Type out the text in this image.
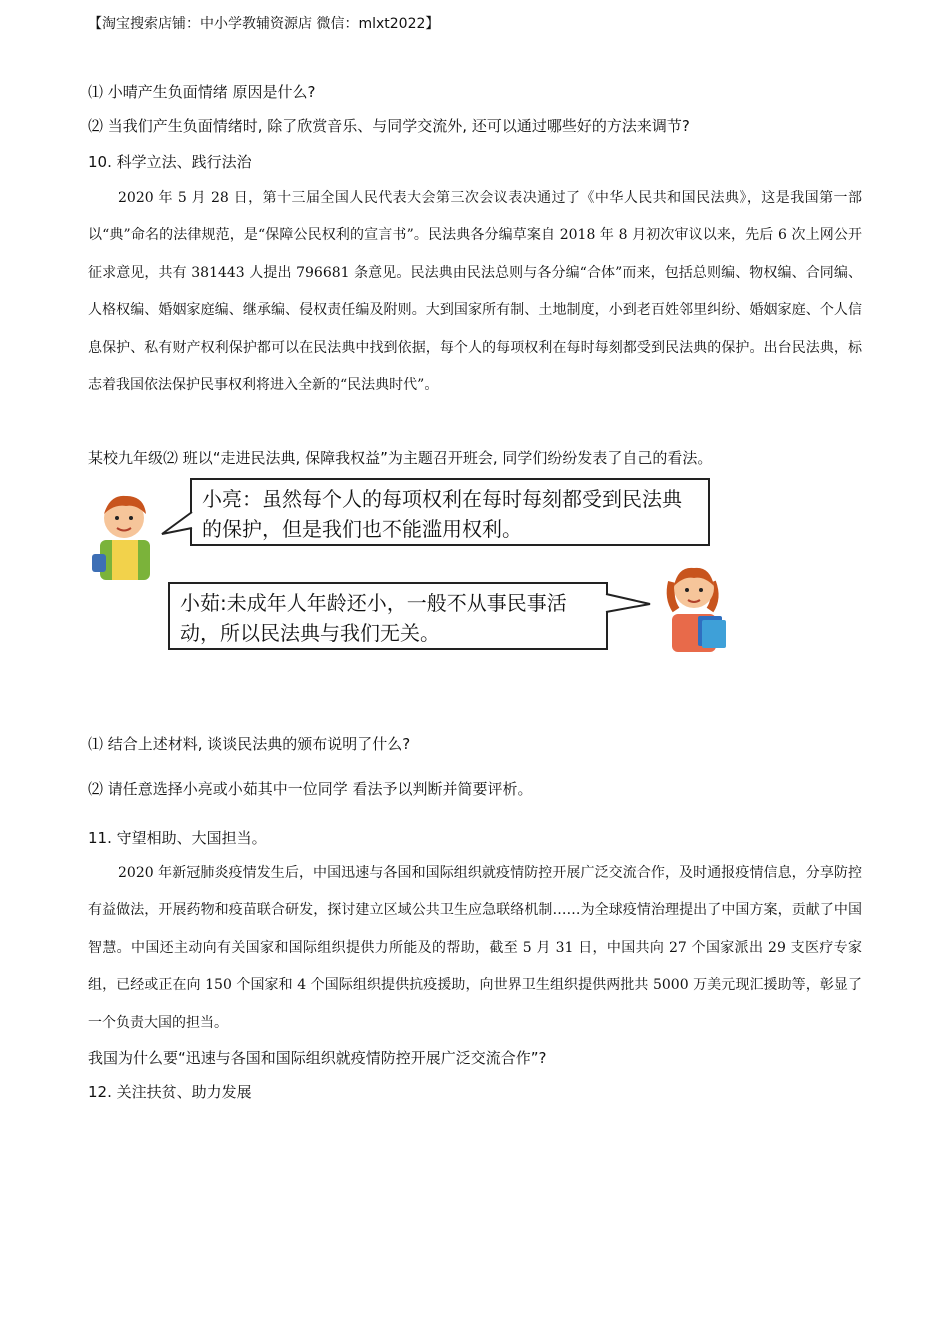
【淘宝搜索店铺：中小学教辅资源店 微信：mlxt2022】
⑴ 小晴产生负面情绪 原因是什么?
⑵ 当我们产生负面情绪时, 除了欣赏音乐、与同学交流外, 还可以通过哪些好的方法来调节?
10. 科学立法、践行法治
2020 年 5 月 28 日，第十三届全国人民代表大会第三次会议表决通过了《中华人民共和国民法典》，这是我国第一部以“典”命名的法律规范，是“保障公民权利的宣言书”。民法典各分编草案自 2018 年 8 月初次审议以来，先后 6 次上网公开征求意见，共有 381443 人提出 796681 条意见。民法典由民法总则与各分编“合体”而来，包括总则编、物权编、合同编、人格权编、婚姻家庭编、继承编、侵权责任编及附则。大到国家所有制、土地制度，小到老百姓邻里纠纷、婚姻家庭、个人信息保护、私有财产权利保护都可以在民法典中找到依据，每个人的每项权利在每时每刻都受到民法典的保护。出台民法典，标志着我国依法保护民事权利将进入全新的“民法典时代”。
某校九年级⑵ 班以“走进民法典, 保障我权益”为主题召开班会, 同学们纷纷发表了自己的看法。
小亮：虽然每个人的每项权利在每时每刻都受到民法典的保护，但是我们也不能滥用权利。
小茹:未成年人年龄还小，一般不从事民事活动，所以民法典与我们无关。
⑴ 结合上述材料, 谈谈民法典的颁布说明了什么?
⑵ 请任意选择小亮或小茹其中一位同学 看法予以判断并简要评析。
11. 守望相助、大国担当。
2020 年新冠肺炎疫情发生后，中国迅速与各国和国际组织就疫情防控开展广泛交流合作，及时通报疫情信息，分享防控有益做法，开展药物和疫苗联合研发，探讨建立区域公共卫生应急联络机制……为全球疫情治理提出了中国方案，贡献了中国智慧。中国还主动向有关国家和国际组织提供力所能及的帮助，截至 5 月 31 日，中国共向 27 个国家派出 29 支医疗专家组，已经或正在向 150 个国家和 4 个国际组织提供抗疫援助，向世界卫生组织提供两批共 5000 万美元现汇援助等，彰显了一个负责大国的担当。
我国为什么要“迅速与各国和国际组织就疫情防控开展广泛交流合作”?
12. 关注扶贫、助力发展
